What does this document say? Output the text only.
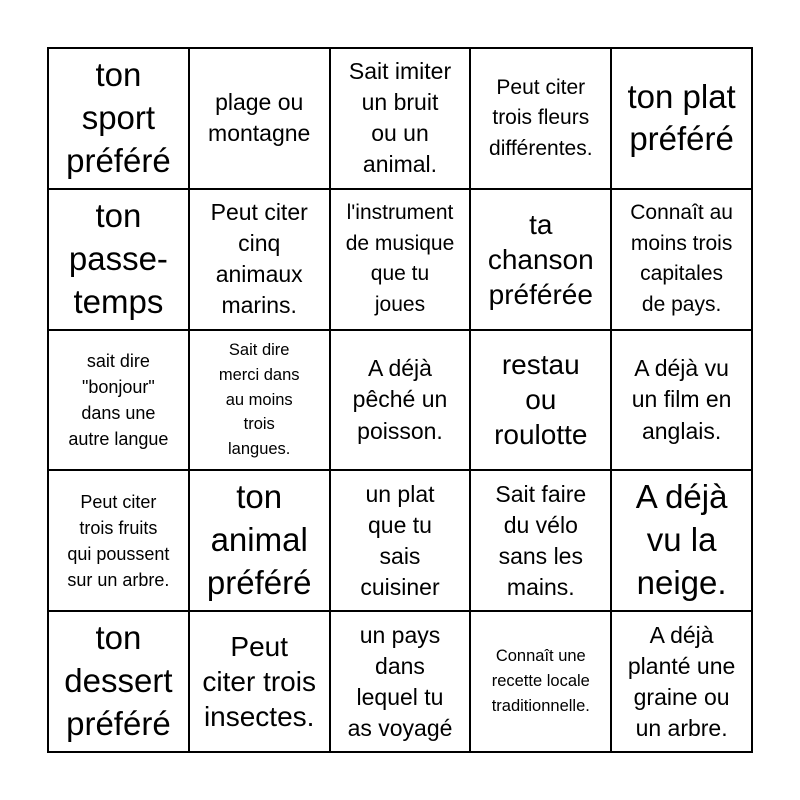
ton
sport
préféré
plage ou
montagne
Sait imiter
un bruit
ou un
animal.
Peut citer
trois fleurs
différentes.
ton plat
préféré
ton
passe-
temps
Peut citer
cinq
animaux
marins.
l'instrument
de musique
que tu
joues
ta
chanson
préférée
Connaît au
moins trois
capitales
de pays.
sait dire
"bonjour"
dans une
autre langue
Sait dire
merci dans
au moins
trois
langues.
A déjà
pêché un
poisson.
restau
ou
roulotte
A déjà vu
un film en
anglais.
Peut citer
trois fruits
qui poussent
sur un arbre.
ton
animal
préféré
un plat
que tu
sais
cuisiner
Sait faire
du vélo
sans les
mains.
A déjà
vu la
neige.
ton
dessert
préféré
Peut
citer trois
insectes.
un pays
dans
lequel tu
as voyagé
Connaît une
recette locale
traditionnelle.
A déjà
planté une
graine ou
un arbre.
